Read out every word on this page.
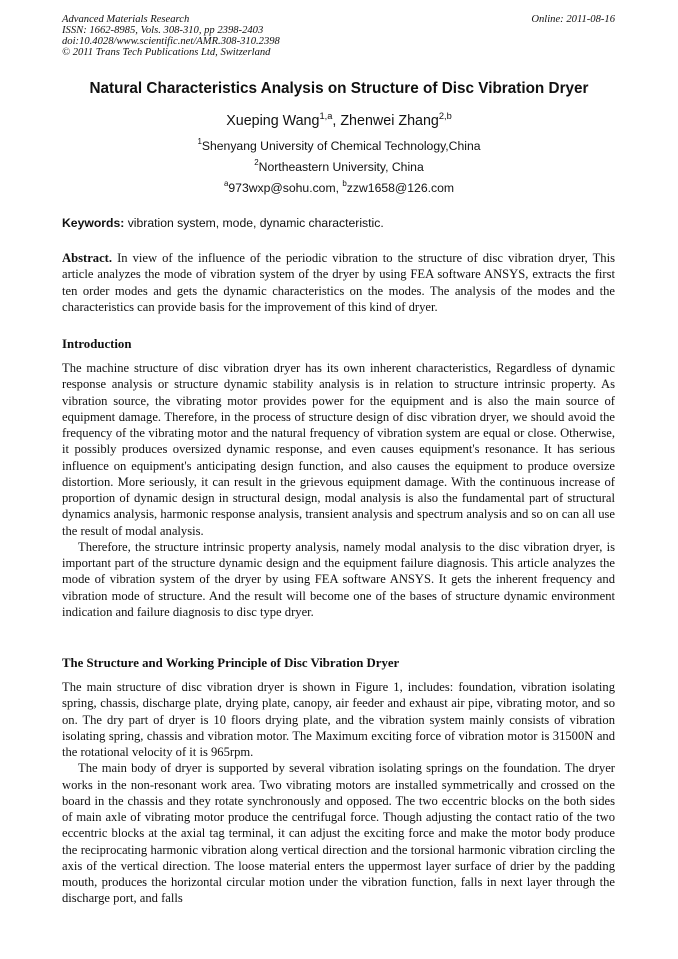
Advanced Materials Research
ISSN: 1662-8985, Vols. 308-310, pp 2398-2403
doi:10.4028/www.scientific.net/AMR.308-310.2398
© 2011 Trans Tech Publications Ltd, Switzerland
Online: 2011-08-16
Natural Characteristics Analysis on Structure of Disc Vibration Dryer
Xueping Wang$^{1,a}$, Zhenwei Zhang$^{2,b}$
$^1$Shenyang University of Chemical Technology,China
$^2$Northeastern University, China
$^a$973wxp@sohu.com, $^b$zzw1658@126.com
Keywords: vibration system, mode, dynamic characteristic.

Abstract. In view of the influence of the periodic vibration to the structure of disc vibration dryer, This article analyzes the mode of vibration system of the dryer by using FEA software ANSYS, extracts the first ten order modes and gets the dynamic characteristics on the modes. The analysis of the modes and the characteristics can provide basis for the improvement of this kind of dryer.

Introduction

The machine structure of disc vibration dryer has its own inherent characteristics, Regardless of dynamic response analysis or structure dynamic stability analysis is in relation to structure intrinsic property. As vibration source, the vibrating motor provides power for the equipment and is also the main source of equipment damage. Therefore, in the process of structure design of disc vibration dryer, we should avoid the frequency of the vibrating motor and the natural frequency of vibration system are equal or close. Otherwise, it possibly produces oversized dynamic response, and even causes equipment's resonance. It has serious influence on equipment's anticipating design function, and also causes the equipment to produce oversize distortion. More seriously, it can result in the grievous equipment damage. With the continuous increase of proportion of dynamic design in structural design, modal analysis is also the fundamental part of structural dynamics analysis, harmonic response analysis, transient analysis and spectrum analysis and so on can all use the result of modal analysis.

Therefore, the structure intrinsic property analysis, namely modal analysis to the disc vibration dryer, is important part of the structure dynamic design and the equipment failure diagnosis. This article analyzes the mode of vibration system of the dryer by using FEA software ANSYS. It gets the inherent frequency and vibration mode of structure. And the result will become one of the bases of structure dynamic environment indication and failure diagnosis to disc type dryer.

The Structure and Working Principle of Disc Vibration Dryer

The main structure of disc vibration dryer is shown in Figure 1, includes: foundation, vibration isolating spring, chassis, discharge plate, drying plate, canopy, air feeder and exhaust air pipe, vibrating motor, and so on. The dry part of dryer is 10 floors drying plate, and the vibration system mainly consists of vibration isolating spring, chassis and vibration motor. The Maximum exciting force of vibration motor is 31500N and the rotational velocity of it is 965rpm.

The main body of dryer is supported by several vibration isolating springs on the foundation. The dryer works in the non-resonant work area. Two vibrating motors are installed symmetrically and crossed on the board in the chassis and they rotate synchronously and opposed. The two eccentric blocks on the both sides of main axle of vibrating motor produce the centrifugal force. Though adjusting the contact ratio of the two eccentric blocks at the axial tag terminal, it can adjust the exciting force and make the motor body produce the reciprocating harmonic vibration along vertical direction and the torsional harmonic vibration circling the axis of the vertical direction. The loose material enters the uppermost layer surface of drier by the padding mouth, produces the horizontal circular motion under the vibration function, falls in next layer through the discharge port, and falls
